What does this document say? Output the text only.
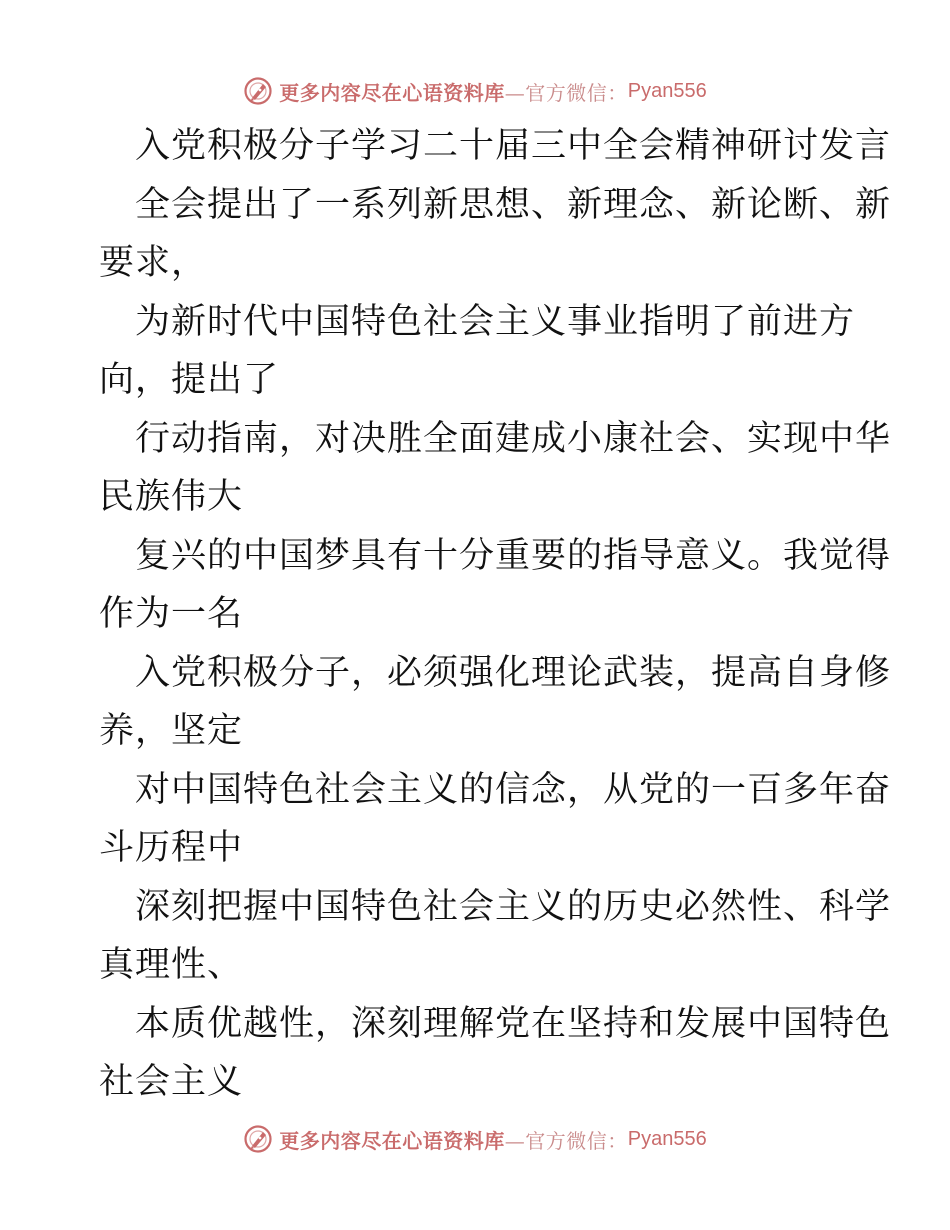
更多内容尽在心语资料库 —官方微信： Pyan556
入党积极分子学习二十届三中全会精神研讨发言
全会提出了一系列新思想、新理念、新论断、新
要求，
为新时代中国特色社会主义事业指明了前进方
向，提出了
行动指南，对决胜全面建成小康社会、实现中华
民族伟大
复兴的中国梦具有十分重要的指导意义。我觉得
作为一名
入党积极分子，必须强化理论武装，提高自身修
养，坚定
对中国特色社会主义的信念，从党的一百多年奋
斗历程中
深刻把握中国特色社会主义的历史必然性、科学
真理性、
本质优越性，深刻理解党在坚持和发展中国特色
社会主义
更多内容尽在心语资料库 —官方微信： Pyan556
